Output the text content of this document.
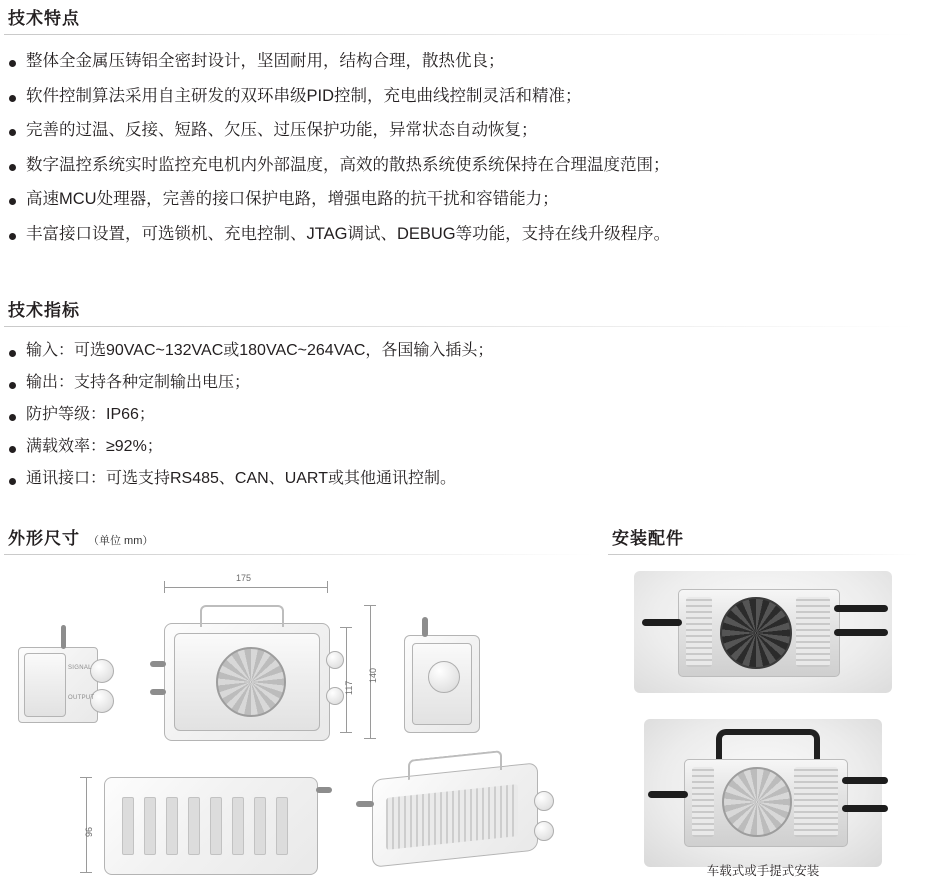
技术特点
整体全金属压铸铝全密封设计，坚固耐用，结构合理，散热优良；
软件控制算法采用自主研发的双环串级PID控制，充电曲线控制灵活和精准；
完善的过温、反接、短路、欠压、过压保护功能，异常状态自动恢复；
数字温控系统实时监控充电机内外部温度，高效的散热系统使系统保持在合理温度范围；
高速MCU处理器，完善的接口保护电路，增强电路的抗干扰和容错能力；
丰富接口设置，可选锁机、充电控制、JTAG调试、DEBUG等功能，支持在线升级程序。
技术指标
输入：可选90VAC~132VAC或180VAC~264VAC，各国输入插头；
输出：支持各种定制输出电压；
防护等级：IP66；
满载效率：≥92%；
通讯接口：可选支持RS485、CAN、UART或其他通讯控制。
外形尺寸 （单位 mm）
SIGNAL
OUTPUT
175
117
140
96
安装配件
车载式或手提式安装
